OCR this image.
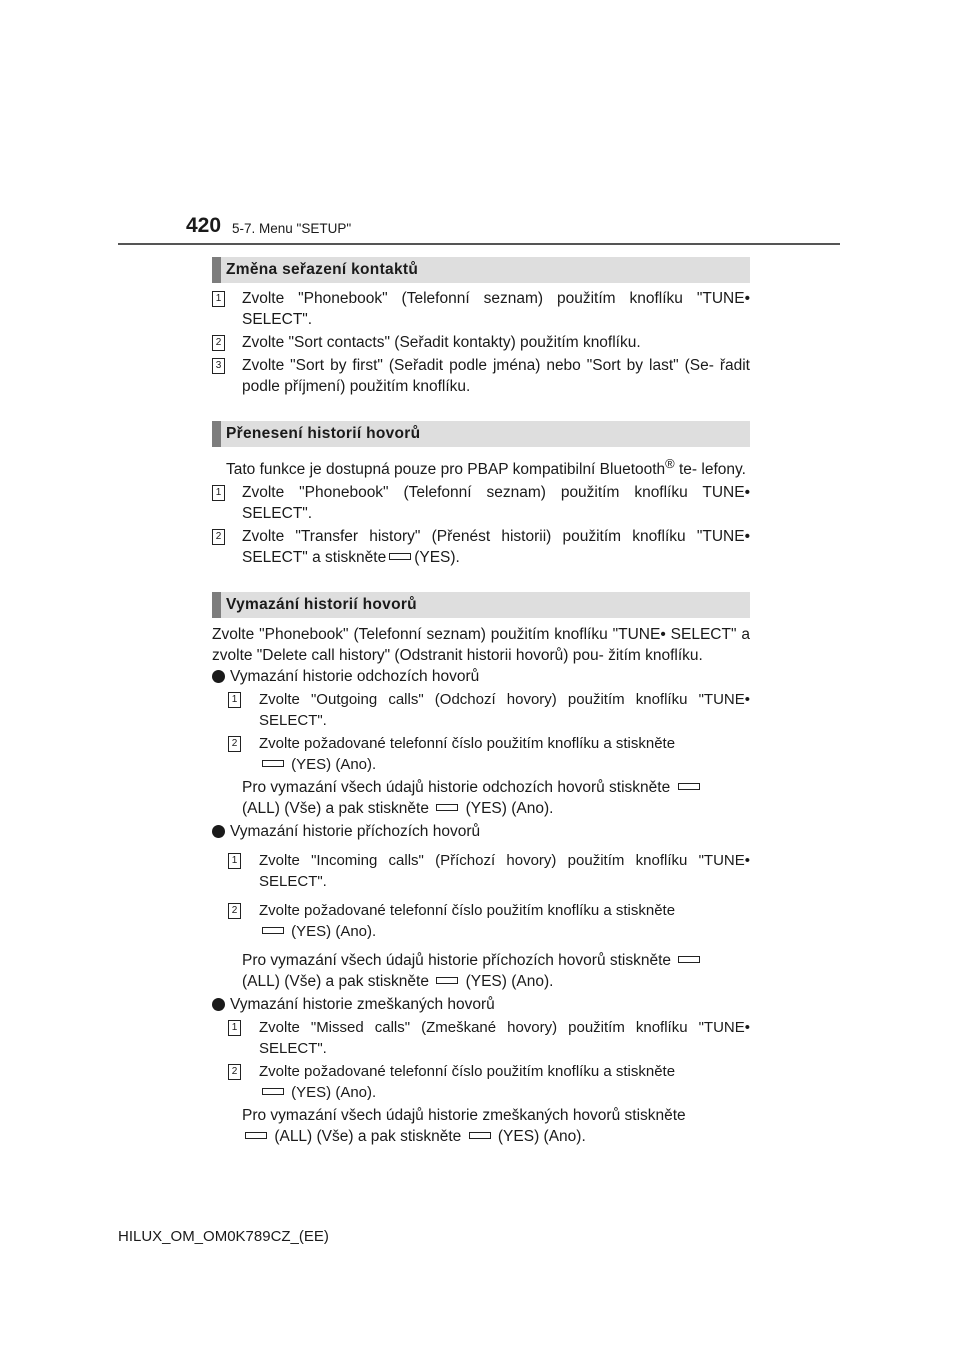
420 5-7. Menu "SETUP"
Změna seřazení kontaktů
1 Zvolte "Phonebook" (Telefonní seznam) použitím knoflíku "TUNE• SELECT".
2 Zvolte "Sort contacts" (Seřadit kontakty) použitím knoflíku.
3 Zvolte "Sort by first" (Seřadit podle jména) nebo "Sort by last" (Se- řadit podle příjmení) použitím knoflíku.
Přenesení historií hovorů
Tato funkce je dostupná pouze pro PBAP kompatibilní Bluetooth® te- lefony.
1 Zvolte "Phonebook" (Telefonní seznam) použitím knoflíku TUNE• SELECT".
2 Zvolte "Transfer history" (Přenést historii) použitím knoflíku "TUNE• SELECT" a stiskněte (YES).
Vymazání historií hovorů
Zvolte "Phonebook" (Telefonní seznam) použitím knoflíku "TUNE• SELECT" a zvolte "Delete call history" (Odstranit historii hovorů) pou- žitím knoflíku.
Vymazání historie odchozích hovorů
1 Zvolte "Outgoing calls" (Odchozí hovory) použitím knoflíku "TUNE• SELECT".
2 Zvolte požadované telefonní číslo použitím knoflíku a stiskněte
(YES) (Ano).
Pro vymazání všech údajů historie odchozích hovorů stiskněte
(ALL) (Vše) a pak stiskněte (YES) (Ano).
Vymazání historie příchozích hovorů
1 Zvolte "Incoming calls" (Příchozí hovory) použitím knoflíku "TUNE• SELECT".
2 Zvolte požadované telefonní číslo použitím knoflíku a stiskněte
(YES) (Ano).
Pro vymazání všech údajů historie příchozích hovorů stiskněte
(ALL) (Vše) a pak stiskněte (YES) (Ano).
Vymazání historie zmeškaných hovorů
1 Zvolte "Missed calls" (Zmeškané hovory) použitím knoflíku "TUNE• SELECT".
2 Zvolte požadované telefonní číslo použitím knoflíku a stiskněte
(YES) (Ano).
Pro vymazání všech údajů historie zmeškaných hovorů stiskněte
(ALL) (Vše) a pak stiskněte (YES) (Ano).
HILUX_OM_OM0K789CZ_(EE)
